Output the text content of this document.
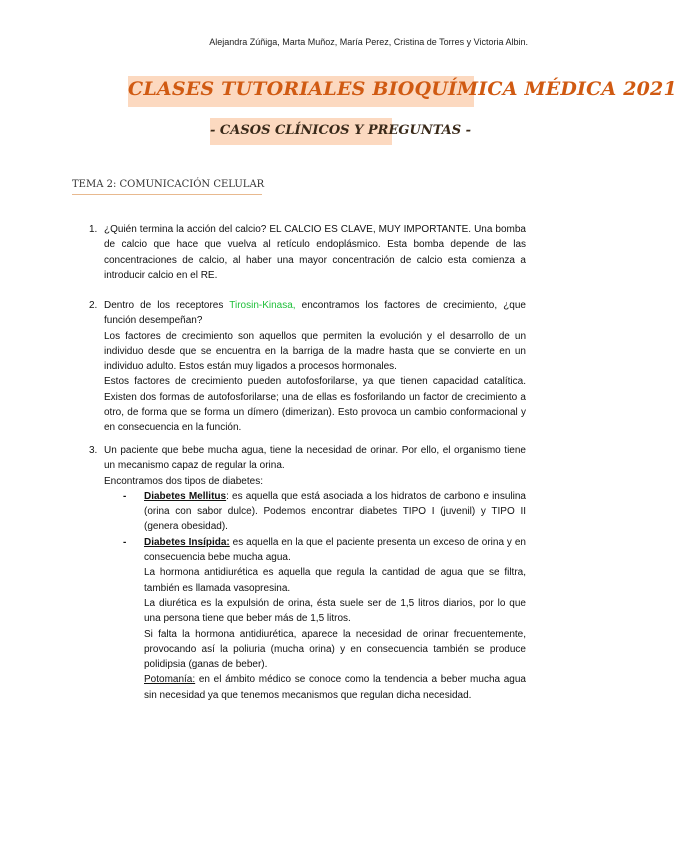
Alejandra Zúñiga, Marta Muñoz, María Perez, Cristina de Torres y Victoria Albin.
CLASES TUTORIALES BIOQUÍMICA MÉDICA 2021
- CASOS CLÍNICOS Y PREGUNTAS -
TEMA 2: COMUNICACIÓN CELULAR
1. ¿Quién termina la acción del calcio? EL CALCIO ES CLAVE, MUY IMPORTANTE. Una bomba de calcio que hace que vuelva al retículo endoplásmico. Esta bomba depende de las concentraciones de calcio, al haber una mayor concentración de calcio esta comienza a introducir calcio en el RE.

2. Dentro de los receptores Tirosin-Kinasa, encontramos los factores de crecimiento, ¿que función desempeñan?

Los factores de crecimiento son aquellos que permiten la evolución y el desarrollo de un individuo desde que se encuentra en la barriga de la madre hasta que se convierte en un individuo adulto. Estos están muy ligados a procesos hormonales.

Estos factores de crecimiento pueden autofosforilarse, ya que tienen capacidad catalítica. Existen dos formas de autofosforilarse; una de ellas es fosforilando un factor de crecimiento a otro, de forma que se forma un dímero (dimerizan). Esto provoca un cambio conformacional y en consecuencia en la función.

3. Un paciente que bebe mucha agua, tiene la necesidad de orinar. Por ello, el organismo tiene un mecanismo capaz de regular la orina.

Encontramos dos tipos de diabetes:

- Diabetes Mellitus: es aquella que está asociada a los hidratos de carbono e insulina (orina con sabor dulce). Podemos encontrar diabetes TIPO I (juvenil) y TIPO II (genera obesidad).

- Diabetes Insípida: es aquella en la que el paciente presenta un exceso de orina y en consecuencia bebe mucha agua.

La hormona antidiurética es aquella que regula la cantidad de agua que se filtra, también es llamada vasopresina.

La diurética es la expulsión de orina, ésta suele ser de 1,5 litros diarios, por lo que una persona tiene que beber más de 1,5 litros.

Si falta la hormona antidiurética, aparece la necesidad de orinar frecuentemente, provocando así la poliuria (mucha orina) y en consecuencia también se produce polidipsia (ganas de beber).

Potomanía: en el ámbito médico se conoce como la tendencia a beber mucha agua sin necesidad ya que tenemos mecanismos que regulan dicha necesidad.
